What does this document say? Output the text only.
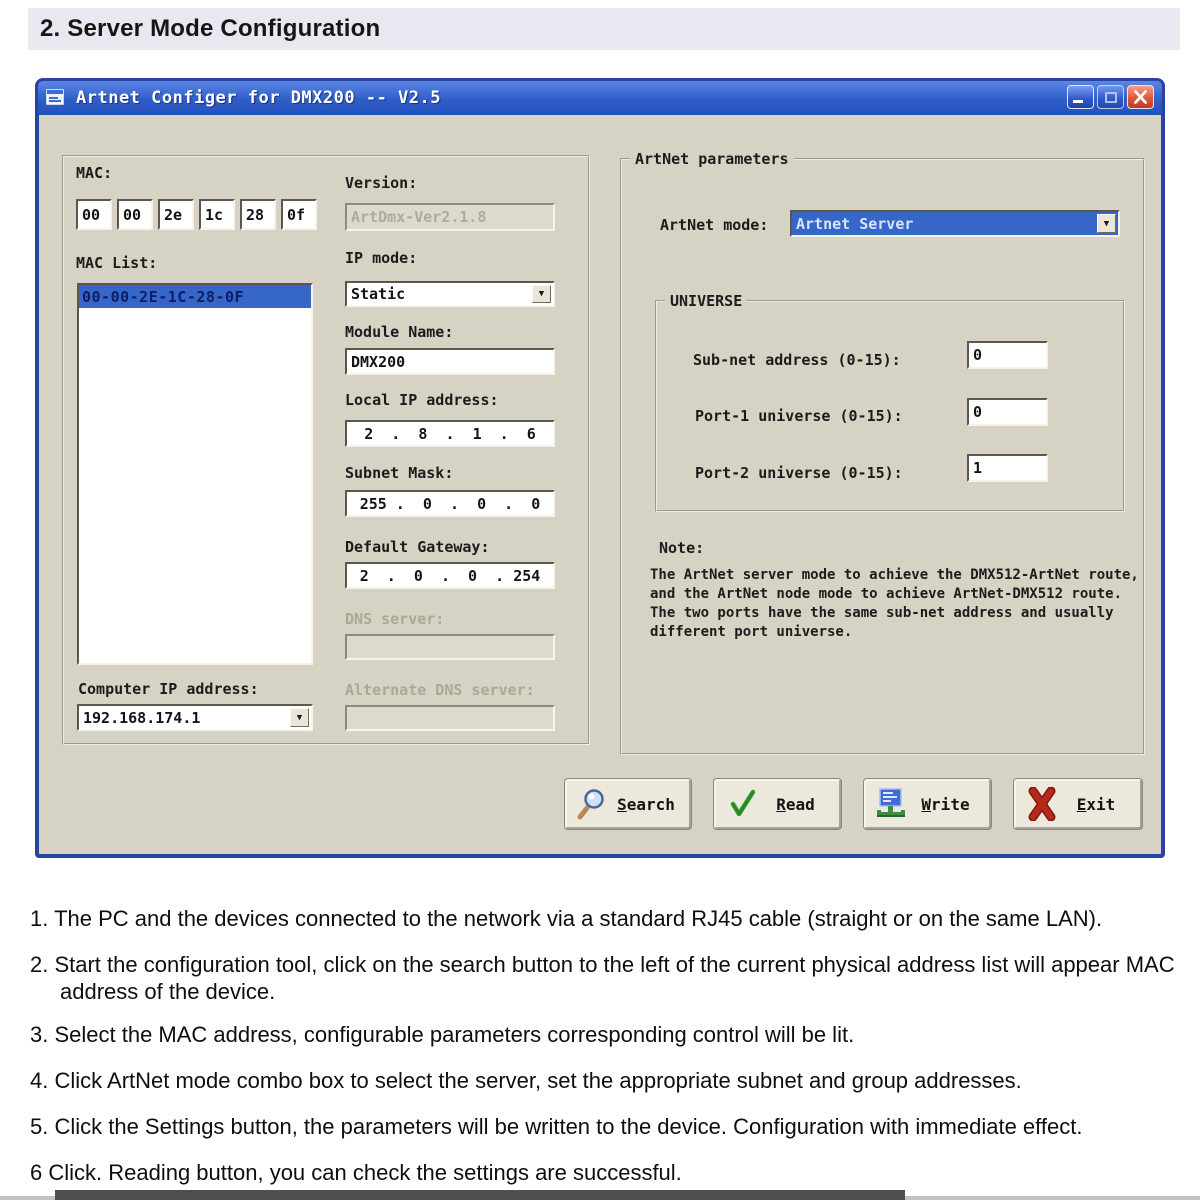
2. Server Mode Configuration
Artnet Configer for DMX200 -- V2.5
MAC:
00	00	2e	1c	28	0f
MAC List:
00-00-2E-1C-28-0F
Computer IP address:
192.168.174.1	▼
Version:
ArtDmx-Ver2.1.8
IP mode:
Static	▼
Module Name:
DMX200
Local IP address:
2  .  8  .  1  .  6
Subnet Mask:
255 .  0  .  0  .  0
Default Gateway:
2  .  0  .  0  . 254
DNS server:
Alternate DNS server:
ArtNet parameters
ArtNet mode: Artnet Server	▼
UNIVERSE
Sub-net address (0-15):	0
Port-1 universe (0-15):	0
Port-2 universe (0-15):	1
Note:
The ArtNet server mode to achieve the DMX512-ArtNet route, and the ArtNet node mode to achieve ArtNet-DMX512 route. The two ports have the same sub-net address and usually different port universe.
Search	Read	Write	Exit

1. The PC and the devices connected to the network via a standard RJ45 cable (straight or on the same LAN).

2. Start the configuration tool, click on the search button to the left of the current physical address list will appear MAC address of the device.

3. Select the MAC address, configurable parameters corresponding control will be lit.

4. Click ArtNet mode combo box to select the server, set the appropriate subnet and group addresses.

5. Click the Settings button, the parameters will be written to the device. Configuration with immediate effect.

6 Click. Reading button, you can check the settings are successful.
